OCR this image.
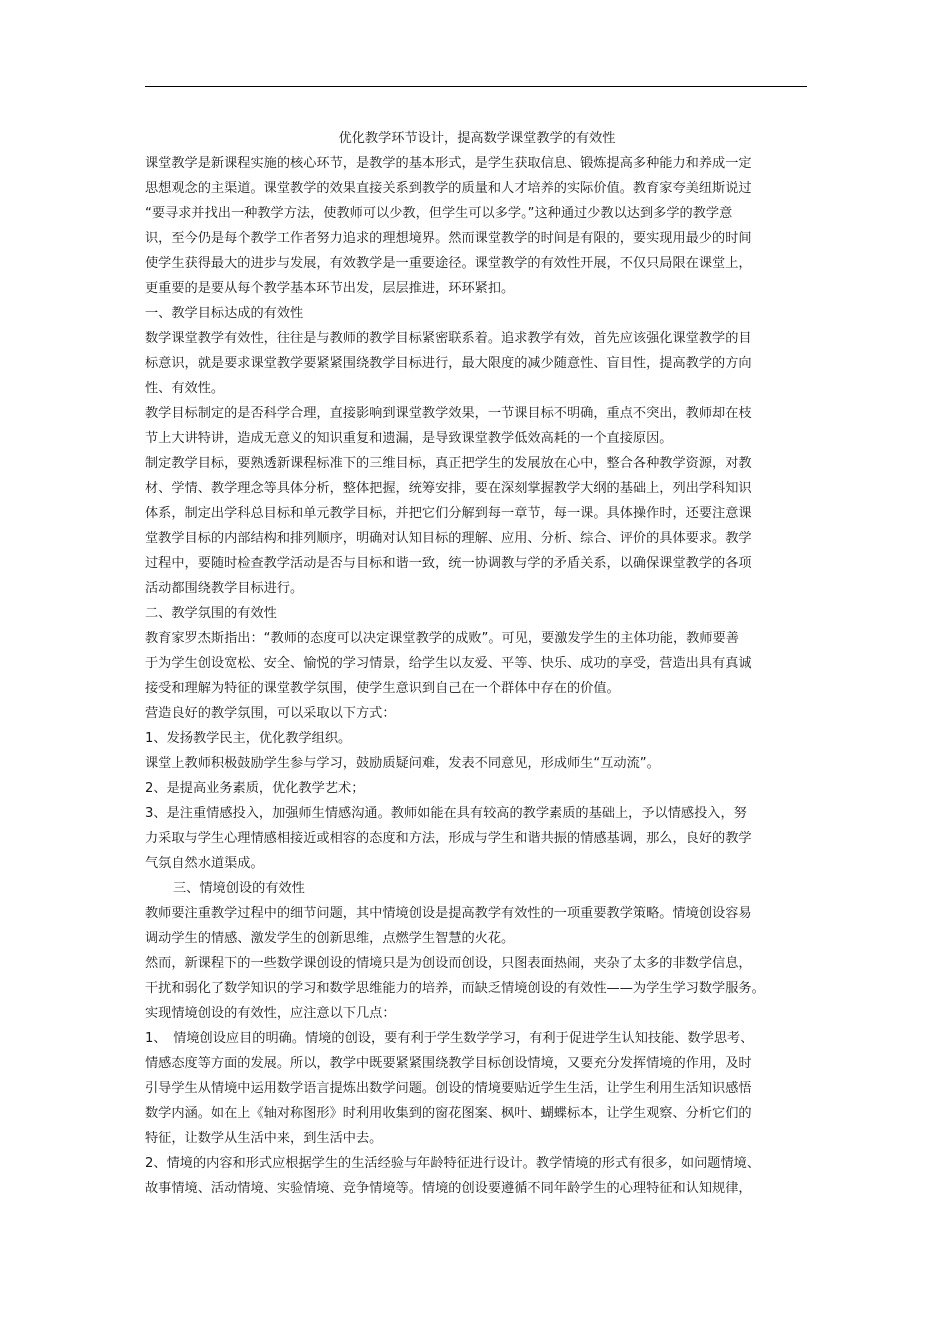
优化教学环节设计，提高数学课堂教学的有效性
课堂教学是新课程实施的核心环节，是教学的基本形式，是学生获取信息、锻炼提高多种能力和养成一定
思想观念的主渠道。课堂教学的效果直接关系到教学的质量和人才培养的实际价值。教育家夸美纽斯说过
“要寻求并找出一种教学方法，使教师可以少教，但学生可以多学。”这种通过少教以达到多学的教学意
识，至今仍是每个教学工作者努力追求的理想境界。然而课堂教学的时间是有限的，要实现用最少的时间
使学生获得最大的进步与发展，有效教学是一重要途径。课堂教学的有效性开展，不仅只局限在课堂上，
更重要的是要从每个教学基本环节出发，层层推进，环环紧扣。
一、教学目标达成的有效性
数学课堂教学有效性，往往是与教师的教学目标紧密联系着。追求教学有效，首先应该强化课堂教学的目
标意识，就是要求课堂教学要紧紧围绕教学目标进行，最大限度的减少随意性、盲目性，提高教学的方向
性、有效性。
教学目标制定的是否科学合理，直接影响到课堂教学效果，一节课目标不明确，重点不突出，教师却在枝
节上大讲特讲，造成无意义的知识重复和遗漏，是导致课堂教学低效高耗的一个直接原因。
制定教学目标，要熟透新课程标准下的三维目标，真正把学生的发展放在心中，整合各种教学资源，对教
材、学情、教学理念等具体分析，整体把握，统筹安排，要在深刻掌握教学大纲的基础上，列出学科知识
体系，制定出学科总目标和单元教学目标，并把它们分解到每一章节，每一课。具体操作时，还要注意课
堂教学目标的内部结构和排列顺序，明确对认知目标的理解、应用、分析、综合、评价的具体要求。教学
过程中，要随时检查教学活动是否与目标和谐一致，统一协调教与学的矛盾关系，以确保课堂教学的各项
活动都围绕教学目标进行。
二、教学氛围的有效性
教育家罗杰斯指出：“教师的态度可以决定课堂教学的成败”。可见，要激发学生的主体功能，教师要善
于为学生创设宽松、安全、愉悦的学习情景，给学生以友爱、平等、快乐、成功的享受，营造出具有真诚
接受和理解为特征的课堂教学氛围，使学生意识到自己在一个群体中存在的价值。
营造良好的教学氛围，可以采取以下方式：
1、发扬教学民主，优化教学组织。
课堂上教师积极鼓励学生参与学习，鼓励质疑问难，发表不同意见，形成师生“互动流”。
2、是提高业务素质，优化教学艺术；
3、是注重情感投入，加强师生情感沟通。教师如能在具有较高的教学素质的基础上，予以情感投入，努
力采取与学生心理情感相接近或相容的态度和方法，形成与学生和谐共振的情感基调，那么，良好的教学
气氛自然水道渠成。
三、情境创设的有效性
教师要注重教学过程中的细节问题，其中情境创设是提高教学有效性的一项重要教学策略。情境创设容易
调动学生的情感、激发学生的创新思维，点燃学生智慧的火花。
然而，新课程下的一些数学课创设的情境只是为创设而创设，只图表面热闹，夹杂了太多的非数学信息，
干扰和弱化了数学知识的学习和数学思维能力的培养，而缺乏情境创设的有效性——为学生学习数学服务。
实现情境创设的有效性，应注意以下几点：
1、　情境创设应目的明确。情境的创设，要有利于学生数学学习，有利于促进学生认知技能、数学思考、
情感态度等方面的发展。所以，教学中既要紧紧围绕教学目标创设情境，又要充分发挥情境的作用，及时
引导学生从情境中运用数学语言提炼出数学问题。创设的情境要贴近学生生活，让学生利用生活知识感悟
数学内涵。如在上《轴对称图形》时利用收集到的窗花图案、枫叶、蝴蝶标本，让学生观察、分析它们的
特征，让数学从生活中来，到生活中去。
2、情境的内容和形式应根据学生的生活经验与年龄特征进行设计。教学情境的形式有很多，如问题情境、
故事情境、活动情境、实验情境、竞争情境等。情境的创设要遵循不同年龄学生的心理特征和认知规律，
